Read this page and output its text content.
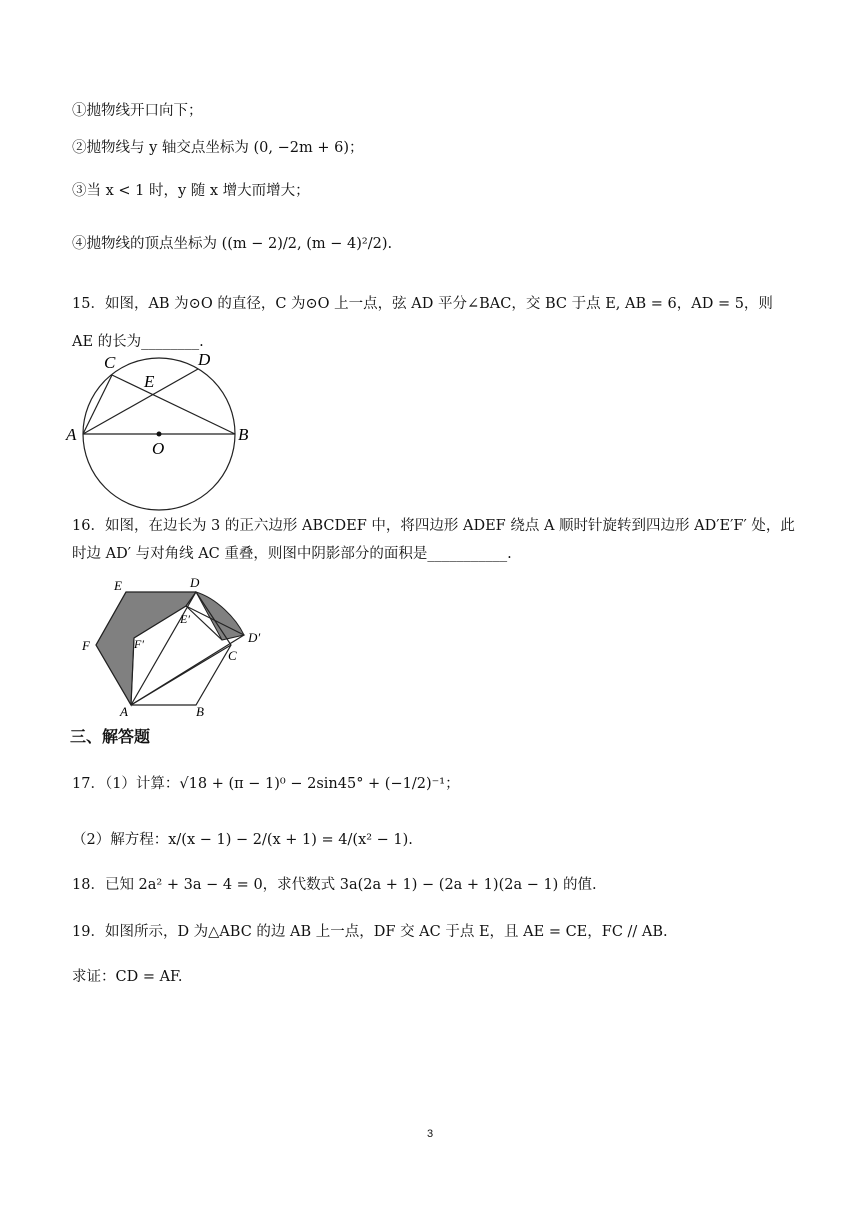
①抛物线开口向下；
②抛物线与 y 轴交点坐标为 (0, −2m + 6)；
③当 x < 1 时，y 随 x 增大而增大；
④抛物线的顶点坐标为 ((m − 2)/2, (m − 4)²/2).
15．如图，AB 为⊙O 的直径，C 为⊙O 上一点，弦 AD 平分∠BAC，交 BC 于点 E, AB = 6，AD = 5，则
AE 的长为________.
C	D
E
A
O
B
16．如图，在边长为 3 的正六边形 ABCDEF 中，将四边形 ADEF 绕点 A 顺时针旋转到四边形 AD′E′F′ 处，此
时边 AD′ 与对角线 AC 重叠，则图中阴影部分的面积是___________.
E	D
E′
F	F′	D′
C
A	B
三、解答题
17．（1）计算：√18 + (π − 1)⁰ − 2sin45° + (−1/2)⁻¹；
（2）解方程：x/(x − 1) − 2/(x + 1) = 4/(x² − 1).
18．已知 2a² + 3a − 4 = 0，求代数式 3a(2a + 1) − (2a + 1)(2a − 1) 的值.
19．如图所示，D 为△ABC 的边 AB 上一点，DF 交 AC 于点 E，且 AE = CE，FC // AB.
求证：CD = AF.
3
